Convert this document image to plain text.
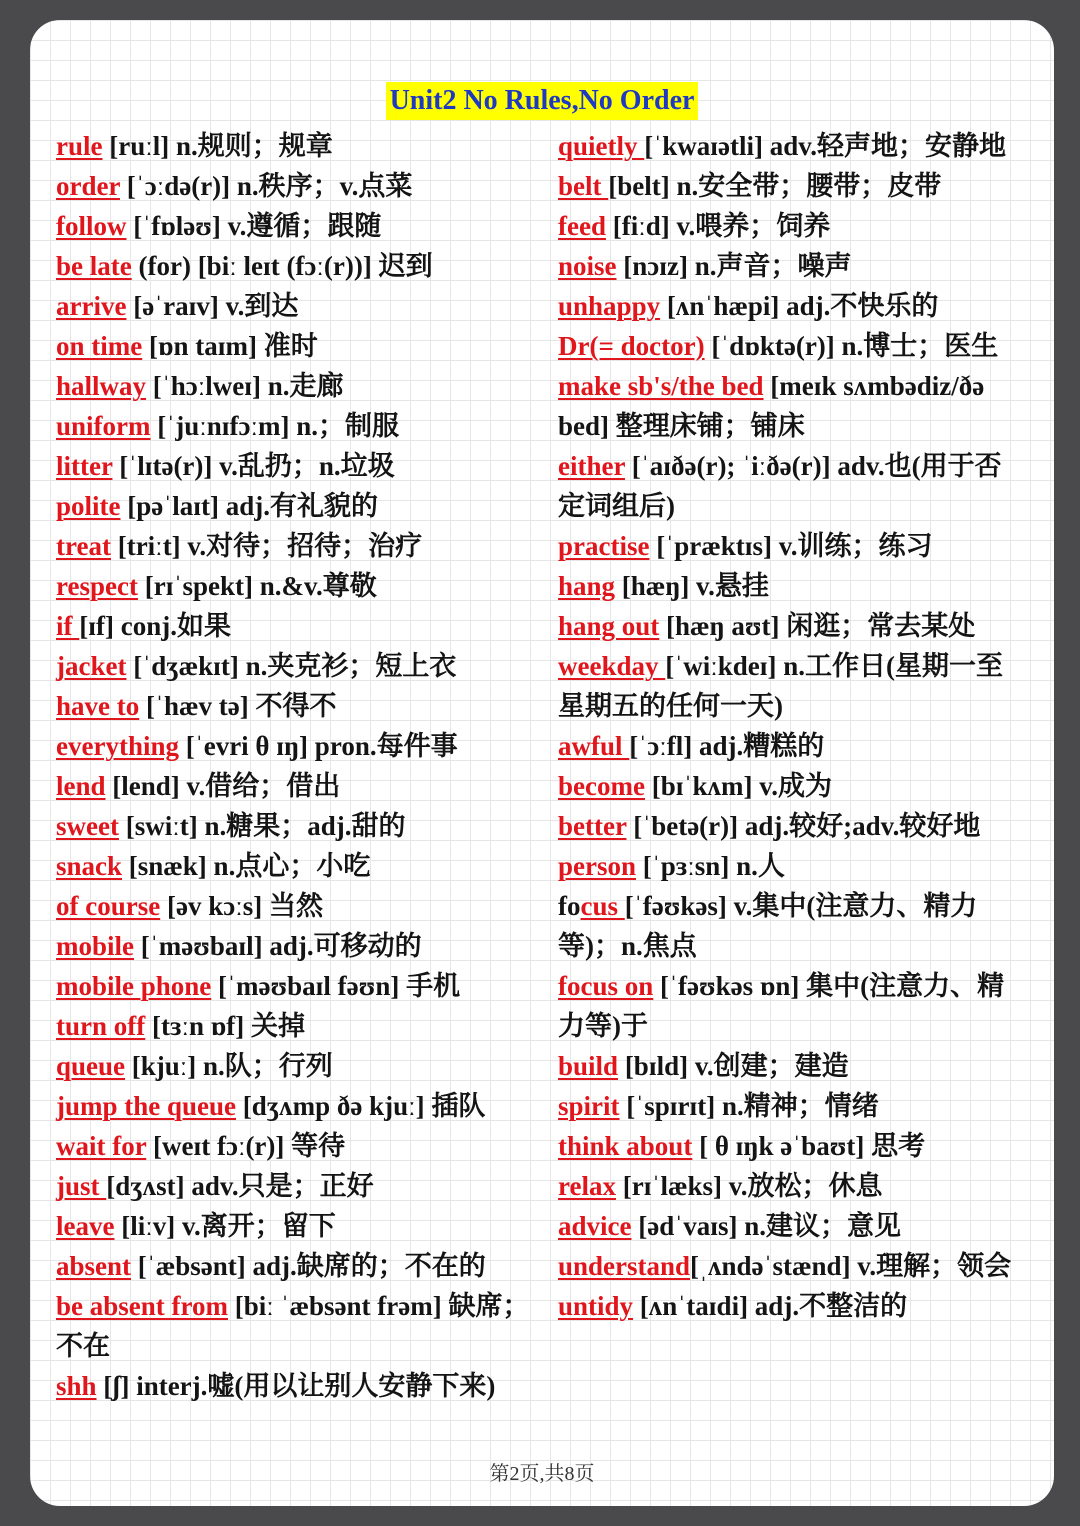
Unit2 No Rules,No Order

rule [ruːl] n.规则；规章

order [ˈɔːdə(r)] n.秩序；v.点菜

follow [ˈfɒləʊ] v.遵循；跟随

be late (for) [biː leɪt (fɔː(r))] 迟到

arrive [əˈraɪv] v.到达

on time [ɒn taɪm] 准时

hallway [ˈhɔːlweɪ] n.走廊

uniform [ˈjuːnɪfɔːm] n.；制服

litter [ˈlɪtə(r)] v.乱扔；n.垃圾

polite [pəˈlaɪt] adj.有礼貌的

treat [triːt] v.对待；招待；治疗

respect [rɪˈspekt] n.&v.尊敬

if [ɪf] conj.如果

jacket [ˈdʒækɪt] n.夹克衫；短上衣

have to [ˈhæv tə] 不得不

everything [ˈevri θ ɪŋ] pron.每件事

lend [lend] v.借给；借出

sweet [swiːt] n.糖果；adj.甜的

snack [snæk] n.点心；小吃

of course [əv kɔːs] 当然

mobile [ˈməʊbaɪl] adj.可移动的

mobile phone [ˈməʊbaɪl fəʊn] 手机

turn off [tɜːn ɒf] 关掉

queue [kjuː] n.队；行列

jump the queue [dʒʌmp ðə kjuː] 插队

wait for [weɪt fɔː(r)] 等待

just [dʒʌst] adv.只是；正好

leave [liːv] v.离开；留下

absent [ˈæbsənt] adj.缺席的；不在的

be absent from [biː ˈæbsənt frəm] 缺席；不在

shh [ʃ] interj.嘘(用以让别人安静下来)

quietly [ˈkwaɪətli] adv.轻声地；安静地

belt [belt] n.安全带；腰带；皮带

feed [fiːd] v.喂养；饲养

noise [nɔɪz] n.声音；噪声

unhappy [ʌnˈhæpi] adj.不快乐的

Dr(= doctor) [ˈdɒktə(r)] n.博士；医生

make sb's/the bed [meɪk sʌmbədiz/ðə bed] 整理床铺；铺床

either [ˈaɪðə(r); ˈiːðə(r)] adv.也(用于否定词组后)

practise [ˈpræktɪs] v.训练；练习

hang [hæŋ] v.悬挂

hang out [hæŋ aʊt] 闲逛；常去某处

weekday [ˈwiːkdeɪ] n.工作日(星期一至星期五的任何一天)

awful [ˈɔːfl] adj.糟糕的

become [bɪˈkʌm] v.成为

better [ˈbetə(r)] adj.较好;adv.较好地

person [ˈpɜːsn] n.人

focus [ˈfəʊkəs] v.集中(注意力、精力等)；n.焦点

focus on [ˈfəʊkəs ɒn] 集中(注意力、精力等)于

build [bɪld] v.创建；建造

spirit [ˈspɪrɪt] n.精神；情绪

think about [ θ ɪŋk əˈbaʊt] 思考

relax [rɪˈlæks] v.放松；休息

advice [ədˈvaɪs] n.建议；意见

understand[ˌʌndəˈstænd] v.理解；领会

untidy [ʌnˈtaɪdi] adj.不整洁的

第2页,共8页
